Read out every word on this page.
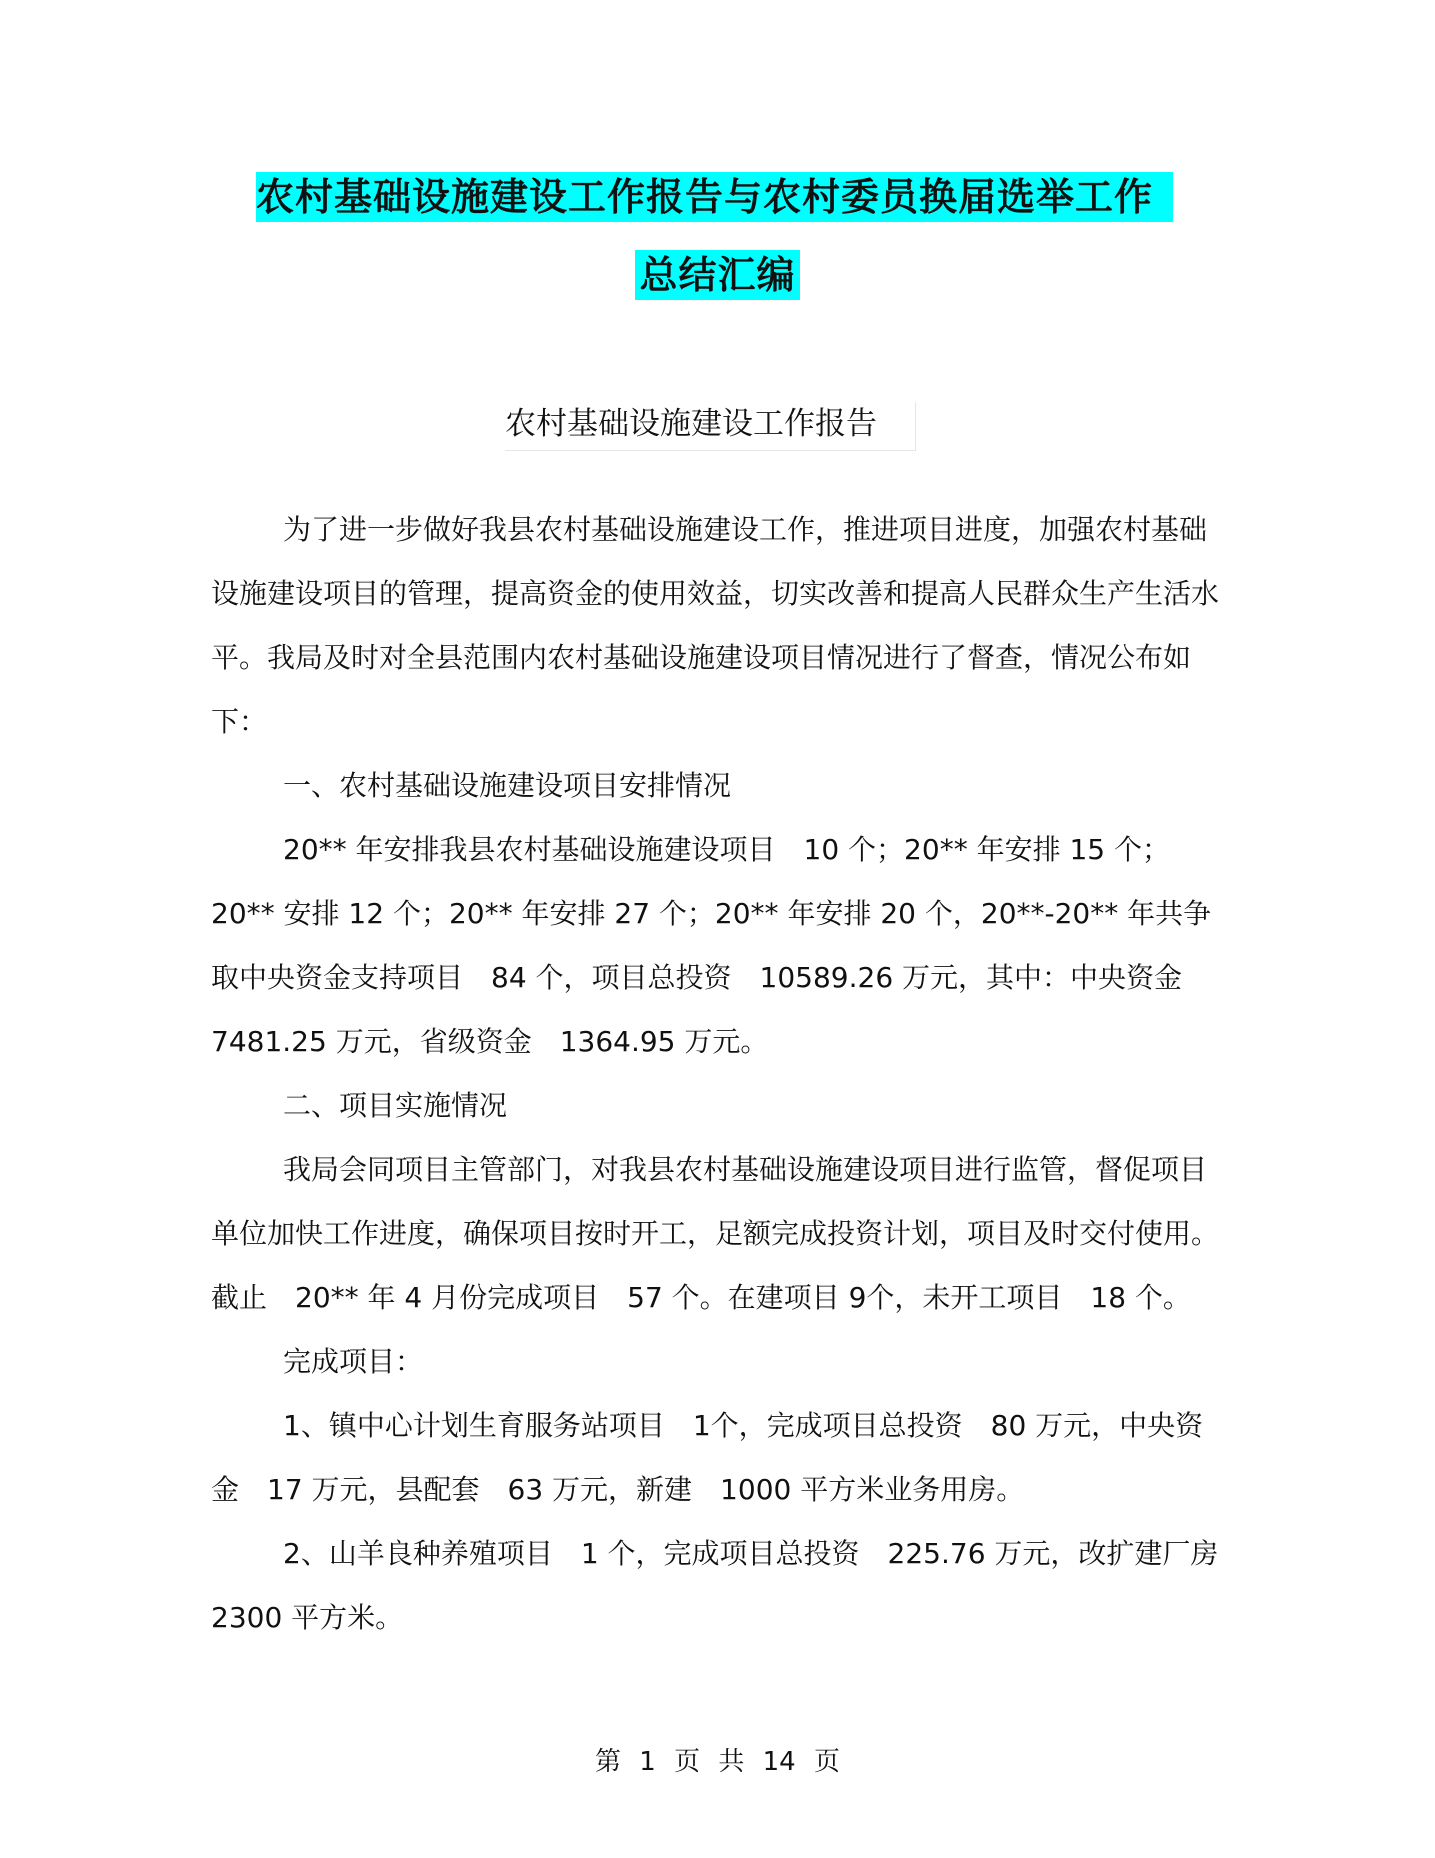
农村基础设施建设工作报告与农村委员换届选举工作
总结汇编
农村基础设施建设工作报告

为了进一步做好我县农村基础设施建设工作，推进项目进度，加强农村基础设施建设项目的管理，提高资金的使用效益，切实改善和提高人民群众生产生活水平。我局及时对全县范围内农村基础设施建设项目情况进行了督查，情况公布如下：

一、农村基础设施建设项目安排情况

20** 年安排我县农村基础设施建设项目　10 个；20** 年安排 15 个；20** 安排 12 个；20** 年安排 27 个；20** 年安排 20 个，20**-20** 年共争取中央资金支持项目　84 个，项目总投资　10589.26 万元，其中：中央资金　7481.25 万元，省级资金　1364.95 万元。

二、项目实施情况

我局会同项目主管部门，对我县农村基础设施建设项目进行监管，督促项目单位加快工作进度，确保项目按时开工，足额完成投资计划，项目及时交付使用。截止　20** 年 4 月份完成项目　57 个。在建项目 9个，未开工项目　18 个。

完成项目：

1、镇中心计划生育服务站项目　1个，完成项目总投资　80 万元，中央资金　17 万元，县配套　63 万元，新建　1000 平方米业务用房。

2、山羊良种养殖项目　1 个，完成项目总投资　225.76 万元，改扩建厂房 2300 平方米。

第 1 页 共 14 页
